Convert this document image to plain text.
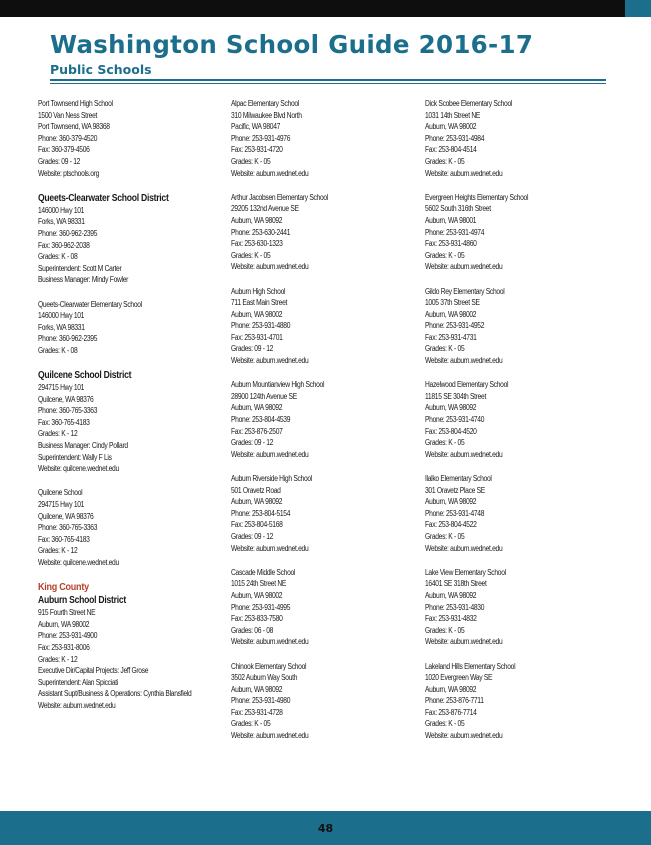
Washington School Guide 2016-17
Public Schools
Port Townsend High School
1500 Van Ness Street
Port Townsend, WA 98368
Phone: 360-379-4520
Fax: 360-379-4506
Grades: 09 - 12
Website: ptschools.org
Queets-Clearwater School District
146000 Hwy 101
Forks, WA 98331
Phone: 360-962-2395
Fax: 360-962-2038
Grades: K - 08
Superintendent: Scott M Carter
Business Manager: Mindy Fowler
Queets-Clearwater Elementary School
146000 Hwy 101
Forks, WA 98331
Phone: 360-962-2395
Grades: K - 08
Quilcene School District
294715 Hwy 101
Quilcene, WA 98376
Phone: 360-765-3363
Fax: 360-765-4183
Grades: K - 12
Business Manager: Cindy Pollard
Superintendent: Wally F Lis
Website: quilcene.wednet.edu
Quilcene School
294715 Hwy 101
Quilcene, WA 98376
Phone: 360-765-3363
Fax: 360-765-4183
Grades: K - 12
Website: quilcene.wednet.edu
King County
Auburn School District
915 Fourth Street NE
Auburn, WA 98002
Phone: 253-931-4900
Fax: 253-931-8006
Grades: K - 12
Executive Dir/Capital Projects: Jeff Grose
Superintendent: Alan Spicciati
Assistant Supt/Business & Operations: Cynthia Blansfield
Website: auburn.wednet.edu
Alpac Elementary School
310 Milwaukee Blvd North
Pacific, WA 98047
Phone: 253-931-4976
Fax: 253-931-4720
Grades: K - 05
Website: auburn.wednet.edu
Arthur Jacobsen Elementary School
29205 132nd Avenue SE
Auburn, WA 98092
Phone: 253-630-2441
Fax: 253-630-1323
Grades: K - 05
Website: auburn.wednet.edu
Auburn High School
711 East Main Street
Auburn, WA 98002
Phone: 253-931-4880
Fax: 253-931-4701
Grades: 09 - 12
Website: auburn.wednet.edu
Auburn Mountianview High School
28900 124th Avenue SE
Auburn, WA 98092
Phone: 253-804-4539
Fax: 253-876-2507
Grades: 09 - 12
Website: auburn.wednet.edu
Auburn Riverside High School
501 Oravetz Road
Auburn, WA 98092
Phone: 253-804-5154
Fax: 253-804-5168
Grades: 09 - 12
Website: auburn.wednet.edu
Cascade Middle School
1015 24th Street NE
Auburn, WA 98002
Phone: 253-931-4995
Fax: 253-833-7580
Grades: 06 - 08
Website: auburn.wednet.edu
Chinook Elementary School
3502 Auburn Way South
Auburn, WA 98092
Phone: 253-931-4980
Fax: 253-931-4728
Grades: K - 05
Website: auburn.wednet.edu
Dick Scobee Elementary School
1031 14th Street NE
Auburn, WA 98002
Phone: 253-931-4984
Fax: 253-804-4514
Grades: K - 05
Website: auburn.wednet.edu
Evergreen Heights Elementary School
5602 South 316th Street
Auburn, WA 98001
Phone: 253-931-4974
Fax: 253-931-4860
Grades: K - 05
Website: auburn.wednet.edu
Gildo Rey Elementary School
1005 37th Street SE
Auburn, WA 98002
Phone: 253-931-4952
Fax: 253-931-4731
Grades: K - 05
Website: auburn.wednet.edu
Hazelwood Elementary School
11815 SE 304th Street
Auburn, WA 98092
Phone: 253-931-4740
Fax: 253-804-4520
Grades: K - 05
Website: auburn.wednet.edu
Ilalko Elementary School
301 Oravetz Place SE
Auburn, WA 98092
Phone: 253-931-4748
Fax: 253-804-4522
Grades: K - 05
Website: auburn.wednet.edu
Lake View Elementary School
16401 SE 318th Street
Auburn, WA 98092
Phone: 253-931-4830
Fax: 253-931-4832
Grades: K - 05
Website: auburn.wednet.edu
Lakeland Hills Elementary School
1020 Evergreen Way SE
Auburn, WA 98092
Phone: 253-876-7711
Fax: 253-876-7714
Grades: K - 05
Website: auburn.wednet.edu
48
